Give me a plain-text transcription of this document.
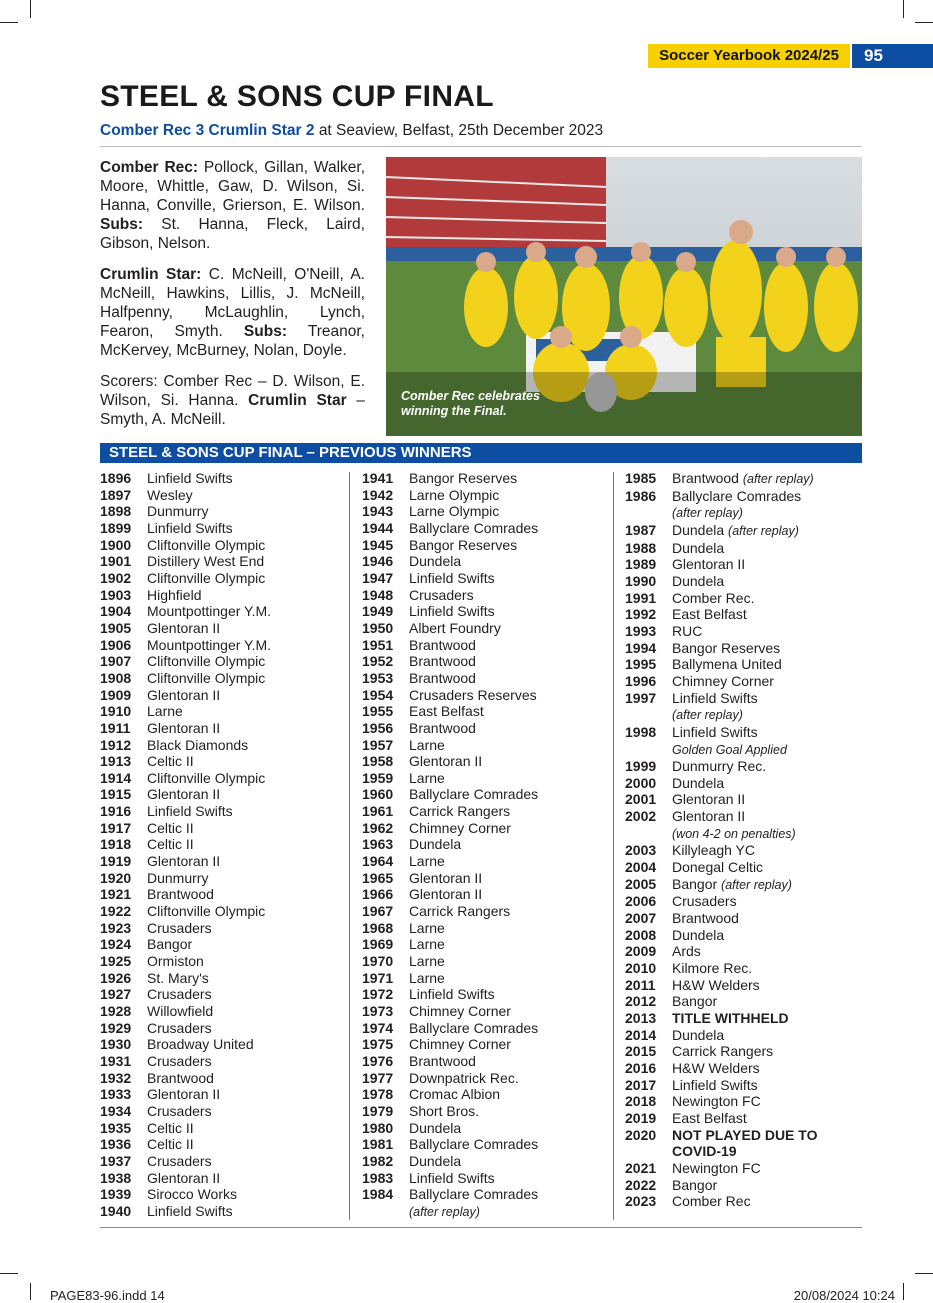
Soccer Yearbook 2024/25	95
STEEL & SONS CUP FINAL
Comber Rec 3 Crumlin Star 2 at Seaview, Belfast, 25th December 2023

Comber Rec: Pollock, Gillan, Walker, Moore, Whittle, Gaw, D. Wilson, Si. Hanna, Conville, Grierson, E. Wilson. Subs: St. Hanna, Fleck, Laird, Gibson, Nelson.

Crumlin Star: C. McNeill, O'Neill, A. McNeill, Hawkins, Lillis, J. McNeill, Halfpenny, McLaughlin, Lynch, Fearon, Smyth. Subs: Treanor, McKervey, McBurney, Nolan, Doyle.

Scorers: Comber Rec – D. Wilson, E. Wilson, Si. Hanna. Crumlin Star – Smyth, A. McNeill.

Comber Rec celebrates
winning the Final.
STEEL & SONS CUP FINAL – PREVIOUS WINNERS
1896	Linfield Swifts
1897	Wesley
1898	Dunmurry
1899	Linfield Swifts
1900	Cliftonville Olympic
1901	Distillery West End
1902	Cliftonville Olympic
1903	Highfield
1904	Mountpottinger Y.M.
1905	Glentoran II
1906	Mountpottinger Y.M.
1907	Cliftonville Olympic
1908	Cliftonville Olympic
1909	Glentoran II
1910	Larne
1911	Glentoran II
1912	Black Diamonds
1913	Celtic II
1914	Cliftonville Olympic
1915	Glentoran II
1916	Linfield Swifts
1917	Celtic II
1918	Celtic II
1919	Glentoran II
1920	Dunmurry
1921	Brantwood
1922	Cliftonville Olympic
1923	Crusaders
1924	Bangor
1925	Ormiston
1926	St. Mary's
1927	Crusaders
1928	Willowfield
1929	Crusaders
1930	Broadway United
1931	Crusaders
1932	Brantwood
1933	Glentoran II
1934	Crusaders
1935	Celtic II
1936	Celtic II
1937	Crusaders
1938	Glentoran II
1939	Sirocco Works
1940	Linfield Swifts
1941	Bangor Reserves
1942	Larne Olympic
1943	Larne Olympic
1944	Ballyclare Comrades
1945	Bangor Reserves
1946	Dundela
1947	Linfield Swifts
1948	Crusaders
1949	Linfield Swifts
1950	Albert Foundry
1951	Brantwood
1952	Brantwood
1953	Brantwood
1954	Crusaders Reserves
1955	East Belfast
1956	Brantwood
1957	Larne
1958	Glentoran II
1959	Larne
1960	Ballyclare Comrades
1961	Carrick Rangers
1962	Chimney Corner
1963	Dundela
1964	Larne
1965	Glentoran II
1966	Glentoran II
1967	Carrick Rangers
1968	Larne
1969	Larne
1970	Larne
1971	Larne
1972	Linfield Swifts
1973	Chimney Corner
1974	Ballyclare Comrades
1975	Chimney Corner
1976	Brantwood
1977	Downpatrick Rec.
1978	Cromac Albion
1979	Short Bros.
1980	Dundela
1981	Ballyclare Comrades
1982	Dundela
1983	Linfield Swifts
1984	Ballyclare Comrades
(after replay)
1985	Brantwood (after replay)
1986	Ballyclare Comrades
(after replay)
1987	Dundela (after replay)
1988	Dundela
1989	Glentoran II
1990	Dundela
1991	Comber Rec.
1992	East Belfast
1993	RUC
1994	Bangor Reserves
1995	Ballymena United
1996	Chimney Corner
1997	Linfield Swifts
(after replay)
1998	Linfield Swifts
Golden Goal Applied
1999	Dunmurry Rec.
2000	Dundela
2001	Glentoran II
2002	Glentoran II
(won 4-2 on penalties)
2003	Killyleagh YC
2004	Donegal Celtic
2005	Bangor (after replay)
2006	Crusaders
2007	Brantwood
2008	Dundela
2009	Ards
2010	Kilmore Rec.
2011	H&W Welders
2012	Bangor
2013	TITLE WITHHELD
2014	Dundela
2015	Carrick Rangers
2016	H&W Welders
2017	Linfield Swifts
2018	Newington FC
2019	East Belfast
2020	NOT PLAYED DUE TO
COVID-19
2021	Newington FC
2022	Bangor
2023	Comber Rec
PAGE83-96.indd 14	20/08/2024 10:24
